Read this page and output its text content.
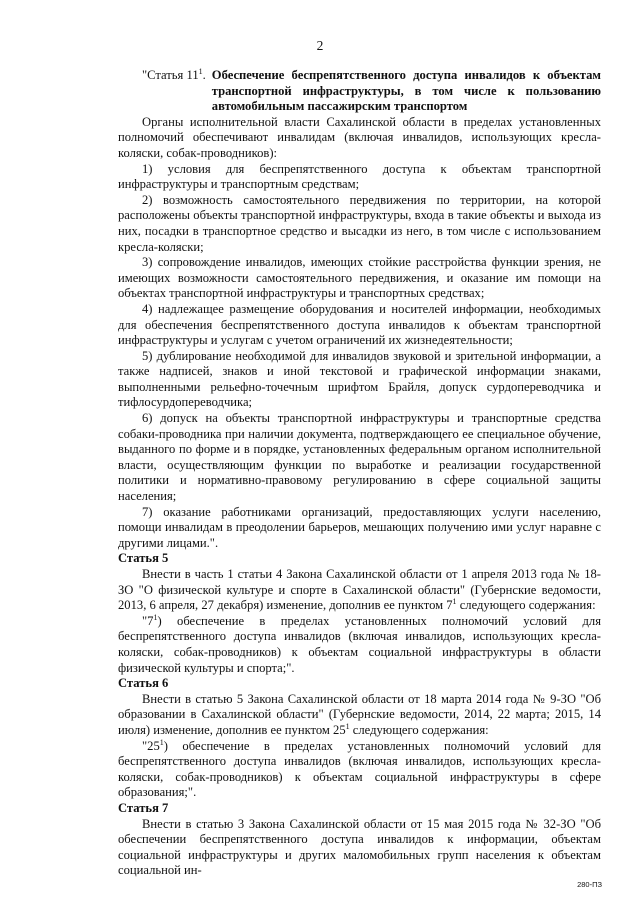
2
"Статья $11^1$. Обеспечение беспрепятственного доступа инвалидов к объектам транспортной инфраструктуры, в том числе к пользованию автомобильным пассажирским транспортом

Органы исполнительной власти Сахалинской области в пределах установленных полномочий обеспечивают инвалидам (включая инвалидов, использующих кресла-коляски, собак-проводников):

1) условия для беспрепятственного доступа к объектам транспортной инфраструктуры и транспортным средствам;

2) возможность самостоятельного передвижения по территории, на которой расположены объекты транспортной инфраструктуры, входа в такие объекты и выхода из них, посадки в транспортное средство и высадки из него, в том числе с использованием кресла-коляски;

3) сопровождение инвалидов, имеющих стойкие расстройства функции зрения, не имеющих возможности самостоятельного передвижения, и оказание им помощи на объектах транспортной инфраструктуры и транспортных средствах;

4) надлежащее размещение оборудования и носителей информации, необходимых для обеспечения беспрепятственного доступа инвалидов к объектам транспортной инфраструктуры и услугам с учетом ограничений их жизнедеятельности;

5) дублирование необходимой для инвалидов звуковой и зрительной информации, а также надписей, знаков и иной текстовой и графической информации знаками, выполненными рельефно-точечным шрифтом Брайля, допуск сурдопереводчика и тифлосурдопереводчика;

6) допуск на объекты транспортной инфраструктуры и транспортные средства собаки-проводника при наличии документа, подтверждающего ее специальное обучение, выданного по форме и в порядке, установленных федеральным органом исполнительной власти, осуществляющим функции по выработке и реализации государственной политики и нормативно-правовому регулированию в сфере социальной защиты населения;

7) оказание работниками организаций, предоставляющих услуги населению, помощи инвалидам в преодолении барьеров, мешающих получению ими услуг наравне с другими лицами.".

Статья 5

Внести в часть 1 статьи 4 Закона Сахалинской области от 1 апреля 2013 года № 18-ЗО "О физической культуре и спорте в Сахалинской области" (Губернские ведомости, 2013, 6 апреля, 27 декабря) изменение, дополнив ее пунктом $7^1$ следующего содержания:

"$7^1$) обеспечение в пределах установленных полномочий условий для беспрепятственного доступа инвалидов (включая инвалидов, использующих кресла-коляски, собак-проводников) к объектам социальной инфраструктуры в области физической культуры и спорта;".

Статья 6

Внести в статью 5 Закона Сахалинской области от 18 марта 2014 года № 9-ЗО "Об образовании в Сахалинской области" (Губернские ведомости, 2014, 22 марта; 2015, 14 июля) изменение, дополнив ее пунктом $25^1$ следующего содержания:

"$25^1$) обеспечение в пределах установленных полномочий условий для беспрепятственного доступа инвалидов (включая инвалидов, использующих кресла-коляски, собак-проводников) к объектам социальной инфраструктуры в сфере образования;".

Статья 7

Внести в статью 3 Закона Сахалинской области от 15 мая 2015 года № 32-ЗО "Об обеспечении беспрепятственного доступа инвалидов к информации, объектам социальной инфраструктуры и других маломобильных групп населения к объектам социальной ин-

280-ПЗ
